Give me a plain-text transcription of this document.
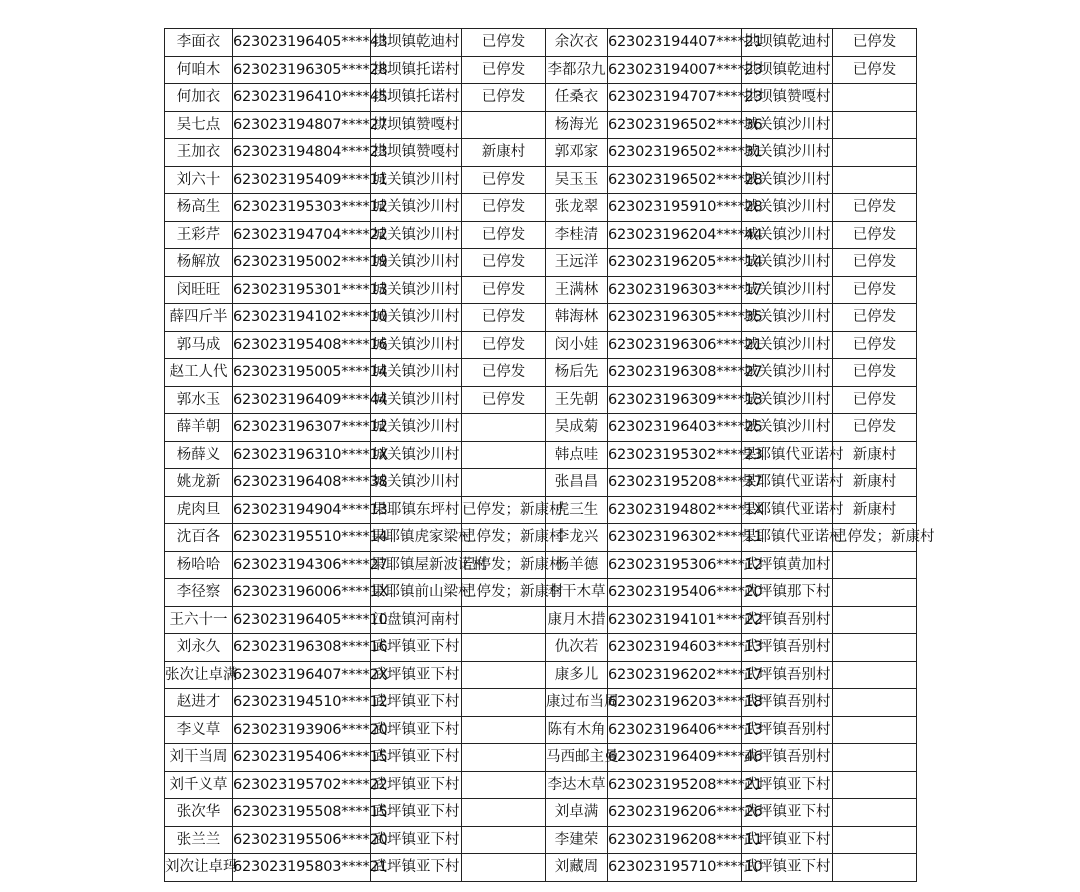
李面衣	623023196405****43	拱坝镇乾迪村	已停发	余次衣	623023194407****21	拱坝镇乾迪村	已停发
何咱木	623023196305****28	拱坝镇托诺村	已停发	李都尕九	623023194007****23	拱坝镇乾迪村	已停发
何加衣	623023196410****45	拱坝镇托诺村	已停发	任桑衣	623023194707****23	拱坝镇赞嘎村	
吴七点	623023194807****27	拱坝镇赞嘎村		杨海光	623023196502****36	城关镇沙川村	
王加衣	623023194804****23	拱坝镇赞嘎村	新康村	郭邓家	623023196502****31	城关镇沙川村	
刘六十	623023195409****11	城关镇沙川村	已停发	吴玉玉	623023196502****28	城关镇沙川村	
杨高生	623023195303****12	城关镇沙川村	已停发	张龙翠	623023195910****28	城关镇沙川村	已停发
王彩芹	623023194704****22	城关镇沙川村	已停发	李桂清	623023196204****44	城关镇沙川村	已停发
杨解放	623023195002****19	城关镇沙川村	已停发	王远洋	623023196205****14	城关镇沙川村	已停发
闵旺旺	623023195301****13	城关镇沙川村	已停发	王满林	623023196303****17	城关镇沙川村	已停发
薛四斤半	623023194102****10	城关镇沙川村	已停发	韩海林	623023196305****35	城关镇沙川村	已停发
郭马成	623023195408****16	城关镇沙川村	已停发	闵小娃	623023196306****21	城关镇沙川村	已停发
赵工人代	623023195005****14	城关镇沙川村	已停发	杨后先	623023196308****27	城关镇沙川村	已停发
郭水玉	623023196409****44	城关镇沙川村	已停发	王先朝	623023196309****13	城关镇沙川村	已停发
薛羊朝	623023196307****12	城关镇沙川村		吴成菊	623023196403****25	城关镇沙川村	已停发
杨薛义	623023196310****1X	城关镇沙川村		韩点哇	623023195302****23	果耶镇代亚诺村	新康村
姚龙新	623023196408****38	城关镇沙川村		张昌昌	623023195208****37	果耶镇代亚诺村	新康村
虎肉旦	623023194904****13	果耶镇东坪村	已停发；新康村	虎三生	623023194802****1X	果耶镇代亚诺村	新康村
沈百各	623023195510****14	果耶镇虎家梁村	已停发；新康村	李龙兴	623023196302****11	果耶镇代亚诺村	已停发；新康村
杨哈哈	623023194306****27	果耶镇屋新波诺村	已停发；新康村	杨羊德	623023195306****12	武坪镇黄加村	
李径察	623023196006****1X	果耶镇前山梁村	已停发；新康村	李干木草	623023195406****20	武坪镇那下村	
王六十一	623023196405****10	江盘镇河南村		康月木措	623023194101****22	武坪镇吾别村	
刘永久	623023196308****16	武坪镇亚下村		仇次若	623023194603****13	武坪镇吾别村	
张次让卓满	623023196407****2X	武坪镇亚下村		康多儿	623023196202****17	武坪镇吾别村	
赵进才	623023194510****12	武坪镇亚下村		康过布当周	623023196203****18	武坪镇吾别村	
李义草	623023193906****20	武坪镇亚下村		陈有木角	623023196406****13	武坪镇吾别村	
刘干当周	623023195406****15	武坪镇亚下村		马西邮主曼	623023196409****46	武坪镇吾别村	
刘千义草	623023195702****22	武坪镇亚下村		李达木草	623023195208****21	武坪镇亚下村	
张次华	623023195508****15	武坪镇亚下村		刘卓满	623023196206****26	武坪镇亚下村	
张兰兰	623023195506****20	武坪镇亚下村		李建荣	623023196208****11	武坪镇亚下村	
刘次让卓玛	623023195803****21	武坪镇亚下村		刘藏周	623023195710****10	武坪镇亚下村	
